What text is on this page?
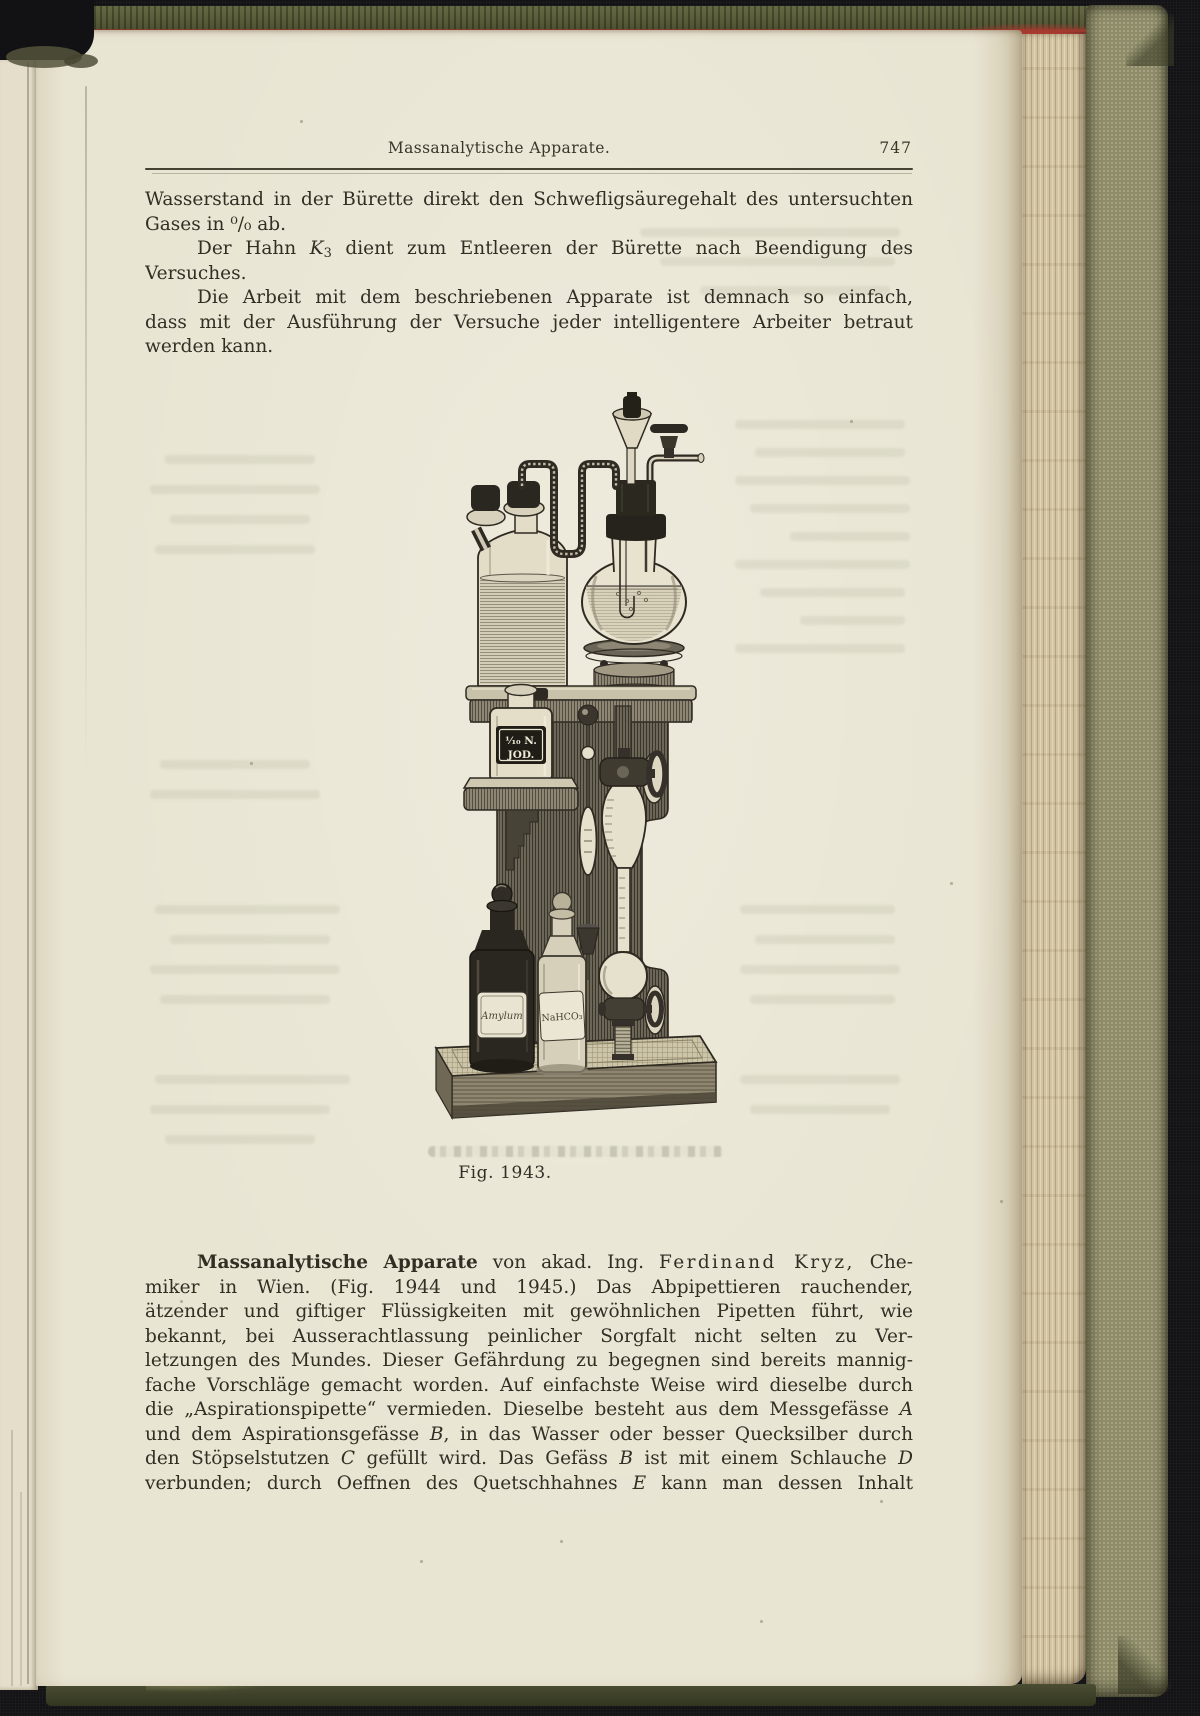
Massanalytische Apparate.	747
Wasserstand in der Bürette direkt den Schwefligsäuregehalt des untersuchten
Gases in ⁰/₀ ab.
Der Hahn K3 dient zum Entleeren der Bürette nach Beendigung des
Versuches.
Die Arbeit mit dem beschriebenen Apparate ist demnach so einfach,
dass mit der Ausführung der Versuche jeder intelligentere Arbeiter betraut
werden kann.
¹⁄₁₀ N.
JOD.
Amylum NaHCO₃
Fig. 1943.
Massanalytische Apparate von akad. Ing. Ferdinand Kryz, Che-
miker in Wien. (Fig. 1944 und 1945.) Das Abpipettieren rauchender,
ätzender und giftiger Flüssigkeiten mit gewöhnlichen Pipetten führt, wie
bekannt, bei Ausserachtlassung peinlicher Sorgfalt nicht selten zu Ver-
letzungen des Mundes. Dieser Gefährdung zu begegnen sind bereits mannig-
fache Vorschläge gemacht worden. Auf einfachste Weise wird dieselbe durch
die „Aspirationspipette“ vermieden. Dieselbe besteht aus dem Messgefässe A
und dem Aspirationsgefässe B, in das Wasser oder besser Quecksilber durch
den Stöpselstutzen C gefüllt wird. Das Gefäss B ist mit einem Schlauche D
verbunden; durch Oeffnen des Quetschhahnes E kann man dessen Inhalt
